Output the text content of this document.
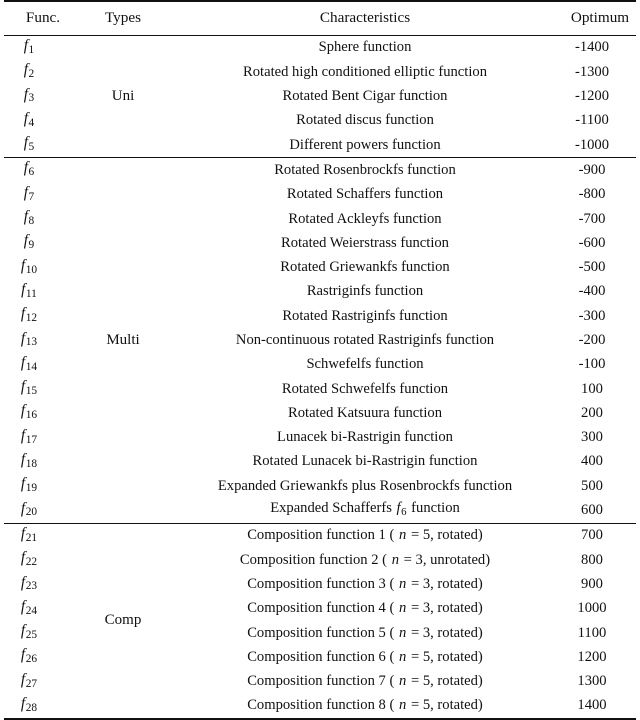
Func.	Types	Characteristics	Optimum

f1	Uni	Sphere function	-1400
f2		Rotated high conditioned elliptic function	-1300
f3		Rotated Bent Cigar function	-1200
f4		Rotated discus function	-1100
f5		Different powers function	-1000

f6	Multi	Rotated Rosenbrockfs function	-900
f7		Rotated Schaffers function	-800
f8		Rotated Ackleyfs function	-700
f9		Rotated Weierstrass function	-600
f10		Rotated Griewankfs function	-500
f11		Rastriginfs function	-400
f12		Rotated Rastriginfs function	-300
f13		Non-continuous rotated Rastriginfs function	-200
f14		Schwefelfs function	-100
f15		Rotated Schwefelfs function	100
f16		Rotated Katsuura function	200
f17		Lunacek bi-Rastrigin function	300
f18		Rotated Lunacek bi-Rastrigin function	400
f19		Expanded Griewankfs plus Rosenbrockfs function	500
f20		Expanded Schafferfs f6 function	600

f21	Comp	Composition function 1 ( n = 5, rotated)	700
f22		Composition function 2 ( n = 3, unrotated)	800
f23		Composition function 3 ( n = 3, rotated)	900
f24		Composition function 4 ( n = 3, rotated)	1000
f25		Composition function 5 ( n = 3, rotated)	1100
f26		Composition function 6 ( n = 5, rotated)	1200
f27		Composition function 7 ( n = 5, rotated)	1300
f28		Composition function 8 ( n = 5, rotated)	1400
